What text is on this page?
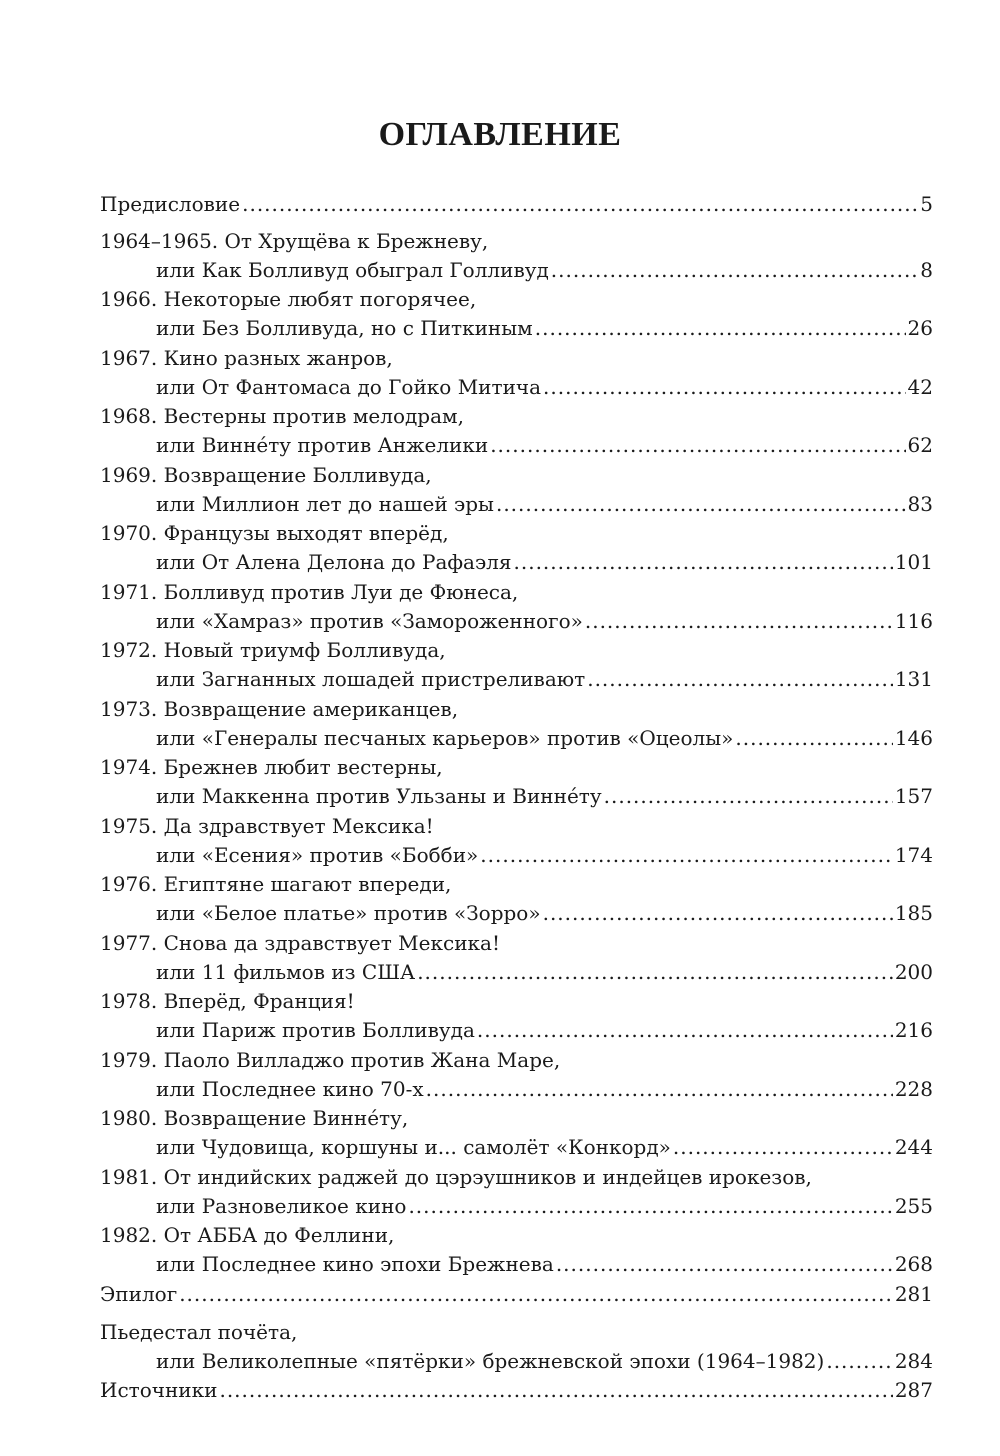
ОГЛАВЛЕНИЕ
Предисловие .....	5
1964–1965. От Хрущёва к Брежневу,
или Как Болливуд обыграл Голливуд .....	8
1966. Некоторые любят погорячее,
или Без Болливуда, но с Питкиным .....	26
1967. Кино разных жанров,
или От Фантомаса до Гойко Митича .....	42
1968. Вестерны против мелодрам,
или Виннéту против Анжелики .....	62
1969. Возвращение Болливуда,
или Миллион лет до нашей эры .....	83
1970. Французы выходят вперёд,
или От Алена Делона до Рафаэля .....	101
1971. Болливуд против Луи де Фюнеса,
или «Хамраз» против «Замороженного» .....	116
1972. Новый триумф Болливуда,
или Загнанных лошадей пристреливают .....	131
1973. Возвращение американцев,
или «Генералы песчаных карьеров» против «Оцеолы» .....	146
1974. Брежнев любит вестерны,
или Маккенна против Ульзаны и Виннéту .....	157
1975. Да здравствует Мексика!
или «Есения» против «Бобби» .....	174
1976. Египтяне шагают впереди,
или «Белое платье» против «Зорро» .....	185
1977. Снова да здравствует Мексика!
или 11 фильмов из США .....	200
1978. Вперёд, Франция!
или Париж против Болливуда .....	216
1979. Паоло Вилладжо против Жана Маре,
или Последнее кино 70-х .....	228
1980. Возвращение Виннéту,
или Чудовища, коршуны и... самолёт «Конкорд» .....	244
1981. От индийских раджей до цэрэушников и индейцев ирокезов,
или Разновеликое кино .....	255
1982. От АББА до Феллини,
или Последнее кино эпохи Брежнева .....	268
Эпилог .....	281
Пьедестал почёта,
или Великолепные «пятёрки» брежневской эпохи (1964–1982) .....	284
Источники .....	287
